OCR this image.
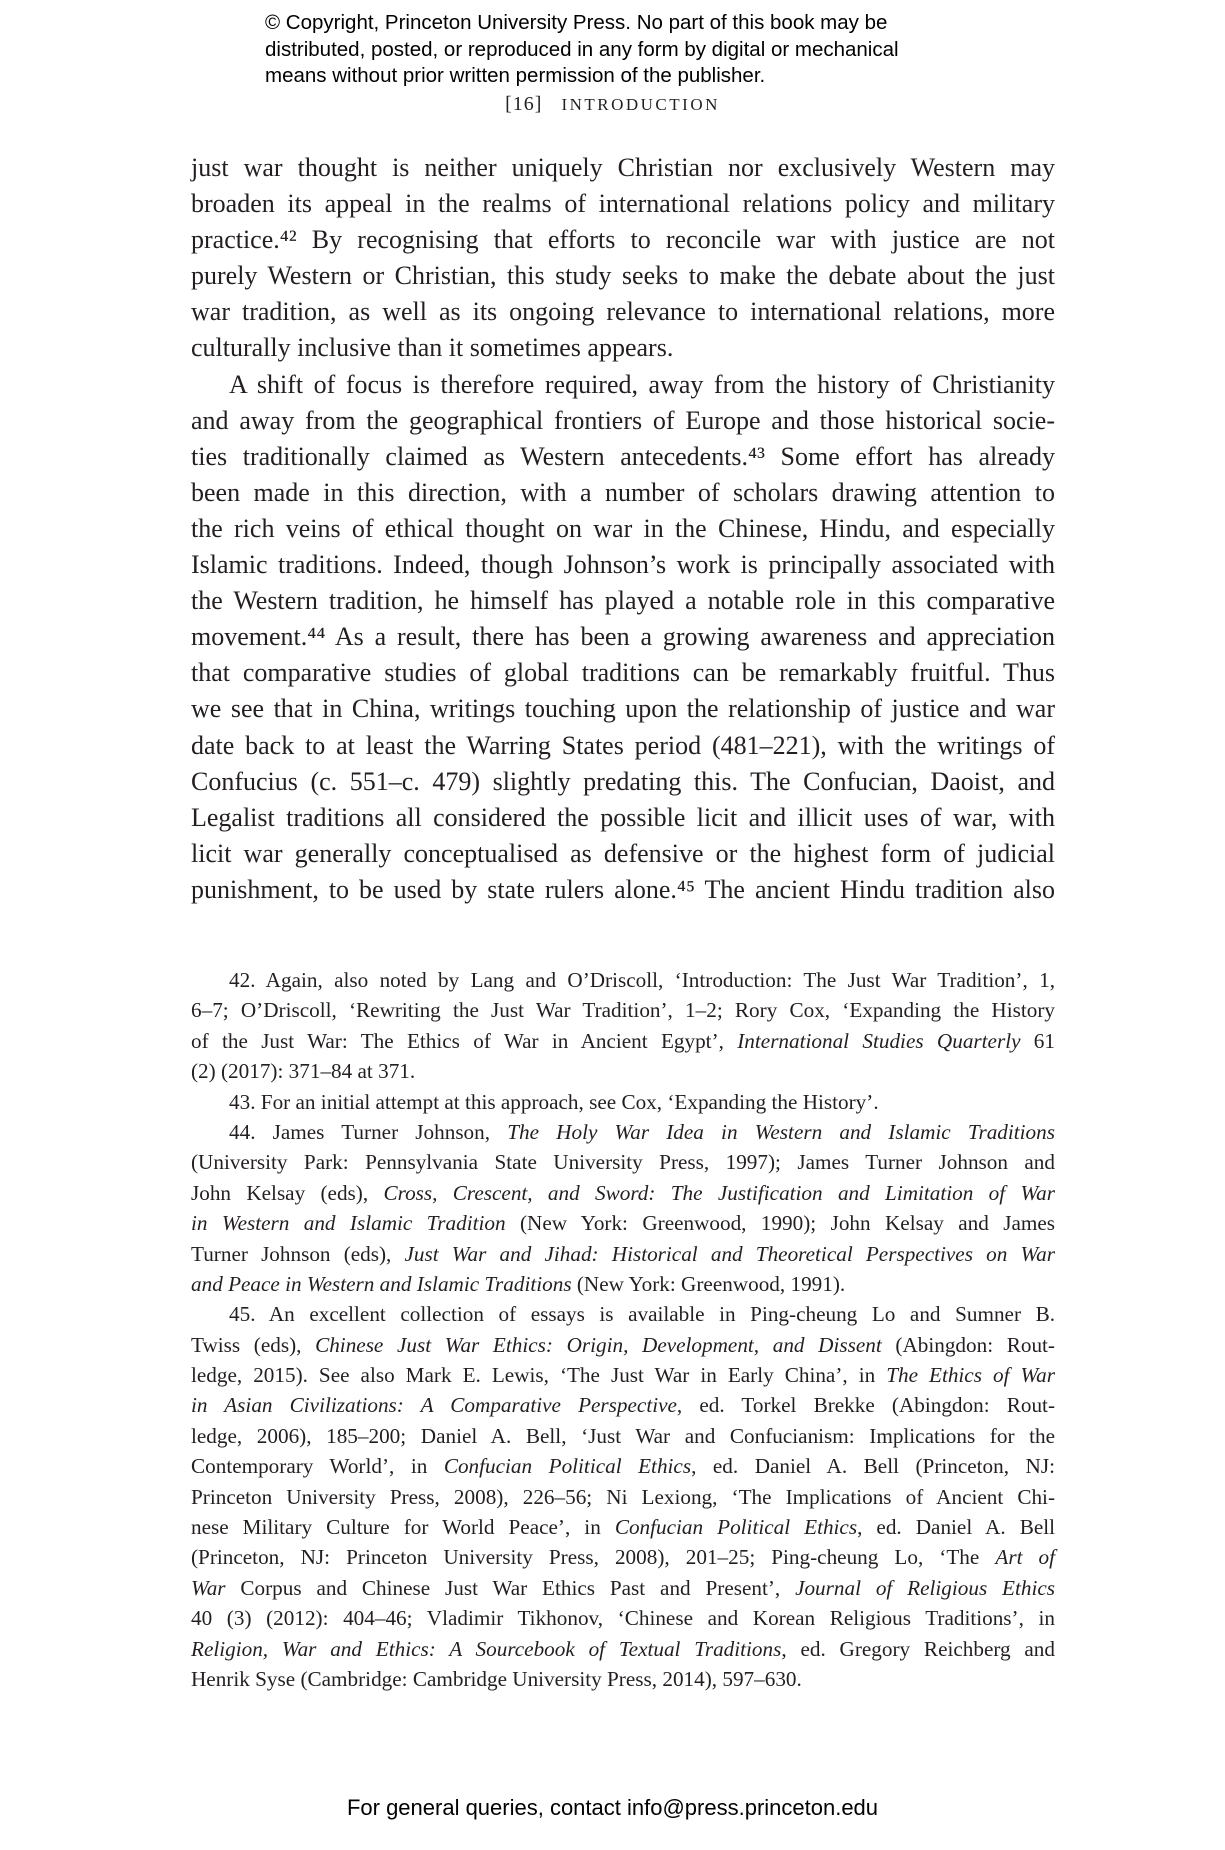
© Copyright, Princeton University Press. No part of this book may be
distributed, posted, or reproduced in any form by digital or mechanical
means without prior written permission of the publisher.
[16] INTRODUCTION
just war thought is neither uniquely Christian nor exclusively Western may
broaden its appeal in the realms of international relations policy and military
practice.⁴² By recognising that efforts to reconcile war with justice are not
purely Western or Christian, this study seeks to make the debate about the just
war tradition, as well as its ongoing relevance to international relations, more
culturally inclusive than it sometimes appears.
A shift of focus is therefore required, away from the history of Christianity
and away from the geographical frontiers of Europe and those historical socie-
ties traditionally claimed as Western antecedents.⁴³ Some effort has already
been made in this direction, with a number of scholars drawing attention to
the rich veins of ethical thought on war in the Chinese, Hindu, and especially
Islamic traditions. Indeed, though Johnson’s work is principally associated with
the Western tradition, he himself has played a notable role in this comparative
movement.⁴⁴ As a result, there has been a growing awareness and appreciation
that comparative studies of global traditions can be remarkably fruitful. Thus
we see that in China, writings touching upon the relationship of justice and war
date back to at least the Warring States period (481–221), with the writings of
Confucius (c. 551–c. 479) slightly predating this. The Confucian, Daoist, and
Legalist traditions all considered the possible licit and illicit uses of war, with
licit war generally conceptualised as defensive or the highest form of judicial
punishment, to be used by state rulers alone.⁴⁵ The ancient Hindu tradition also
42. Again, also noted by Lang and O’Driscoll, ‘Introduction: The Just War Tradition’, 1,
6–7; O’Driscoll, ‘Rewriting the Just War Tradition’, 1–2; Rory Cox, ‘Expanding the History
of the Just War: The Ethics of War in Ancient Egypt’, International Studies Quarterly 61
(2) (2017): 371–84 at 371.
43. For an initial attempt at this approach, see Cox, ‘Expanding the History’.
44. James Turner Johnson, The Holy War Idea in Western and Islamic Traditions
(University Park: Pennsylvania State University Press, 1997); James Turner Johnson and
John Kelsay (eds), Cross, Crescent, and Sword: The Justification and Limitation of War
in Western and Islamic Tradition (New York: Greenwood, 1990); John Kelsay and James
Turner Johnson (eds), Just War and Jihad: Historical and Theoretical Perspectives on War
and Peace in Western and Islamic Traditions (New York: Greenwood, 1991).
45. An excellent collection of essays is available in Ping-cheung Lo and Sumner B.
Twiss (eds), Chinese Just War Ethics: Origin, Development, and Dissent (Abingdon: Rout-
ledge, 2015). See also Mark E. Lewis, ‘The Just War in Early China’, in The Ethics of War
in Asian Civilizations: A Comparative Perspective, ed. Torkel Brekke (Abingdon: Rout-
ledge, 2006), 185–200; Daniel A. Bell, ‘Just War and Confucianism: Implications for the
Contemporary World’, in Confucian Political Ethics, ed. Daniel A. Bell (Princeton, NJ:
Princeton University Press, 2008), 226–56; Ni Lexiong, ‘The Implications of Ancient Chi-
nese Military Culture for World Peace’, in Confucian Political Ethics, ed. Daniel A. Bell
(Princeton, NJ: Princeton University Press, 2008), 201–25; Ping-cheung Lo, ‘The Art of
War Corpus and Chinese Just War Ethics Past and Present’, Journal of Religious Ethics
40 (3) (2012): 404–46; Vladimir Tikhonov, ‘Chinese and Korean Religious Traditions’, in
Religion, War and Ethics: A Sourcebook of Textual Traditions, ed. Gregory Reichberg and
Henrik Syse (Cambridge: Cambridge University Press, 2014), 597–630.
For general queries, contact info@press.princeton.edu
